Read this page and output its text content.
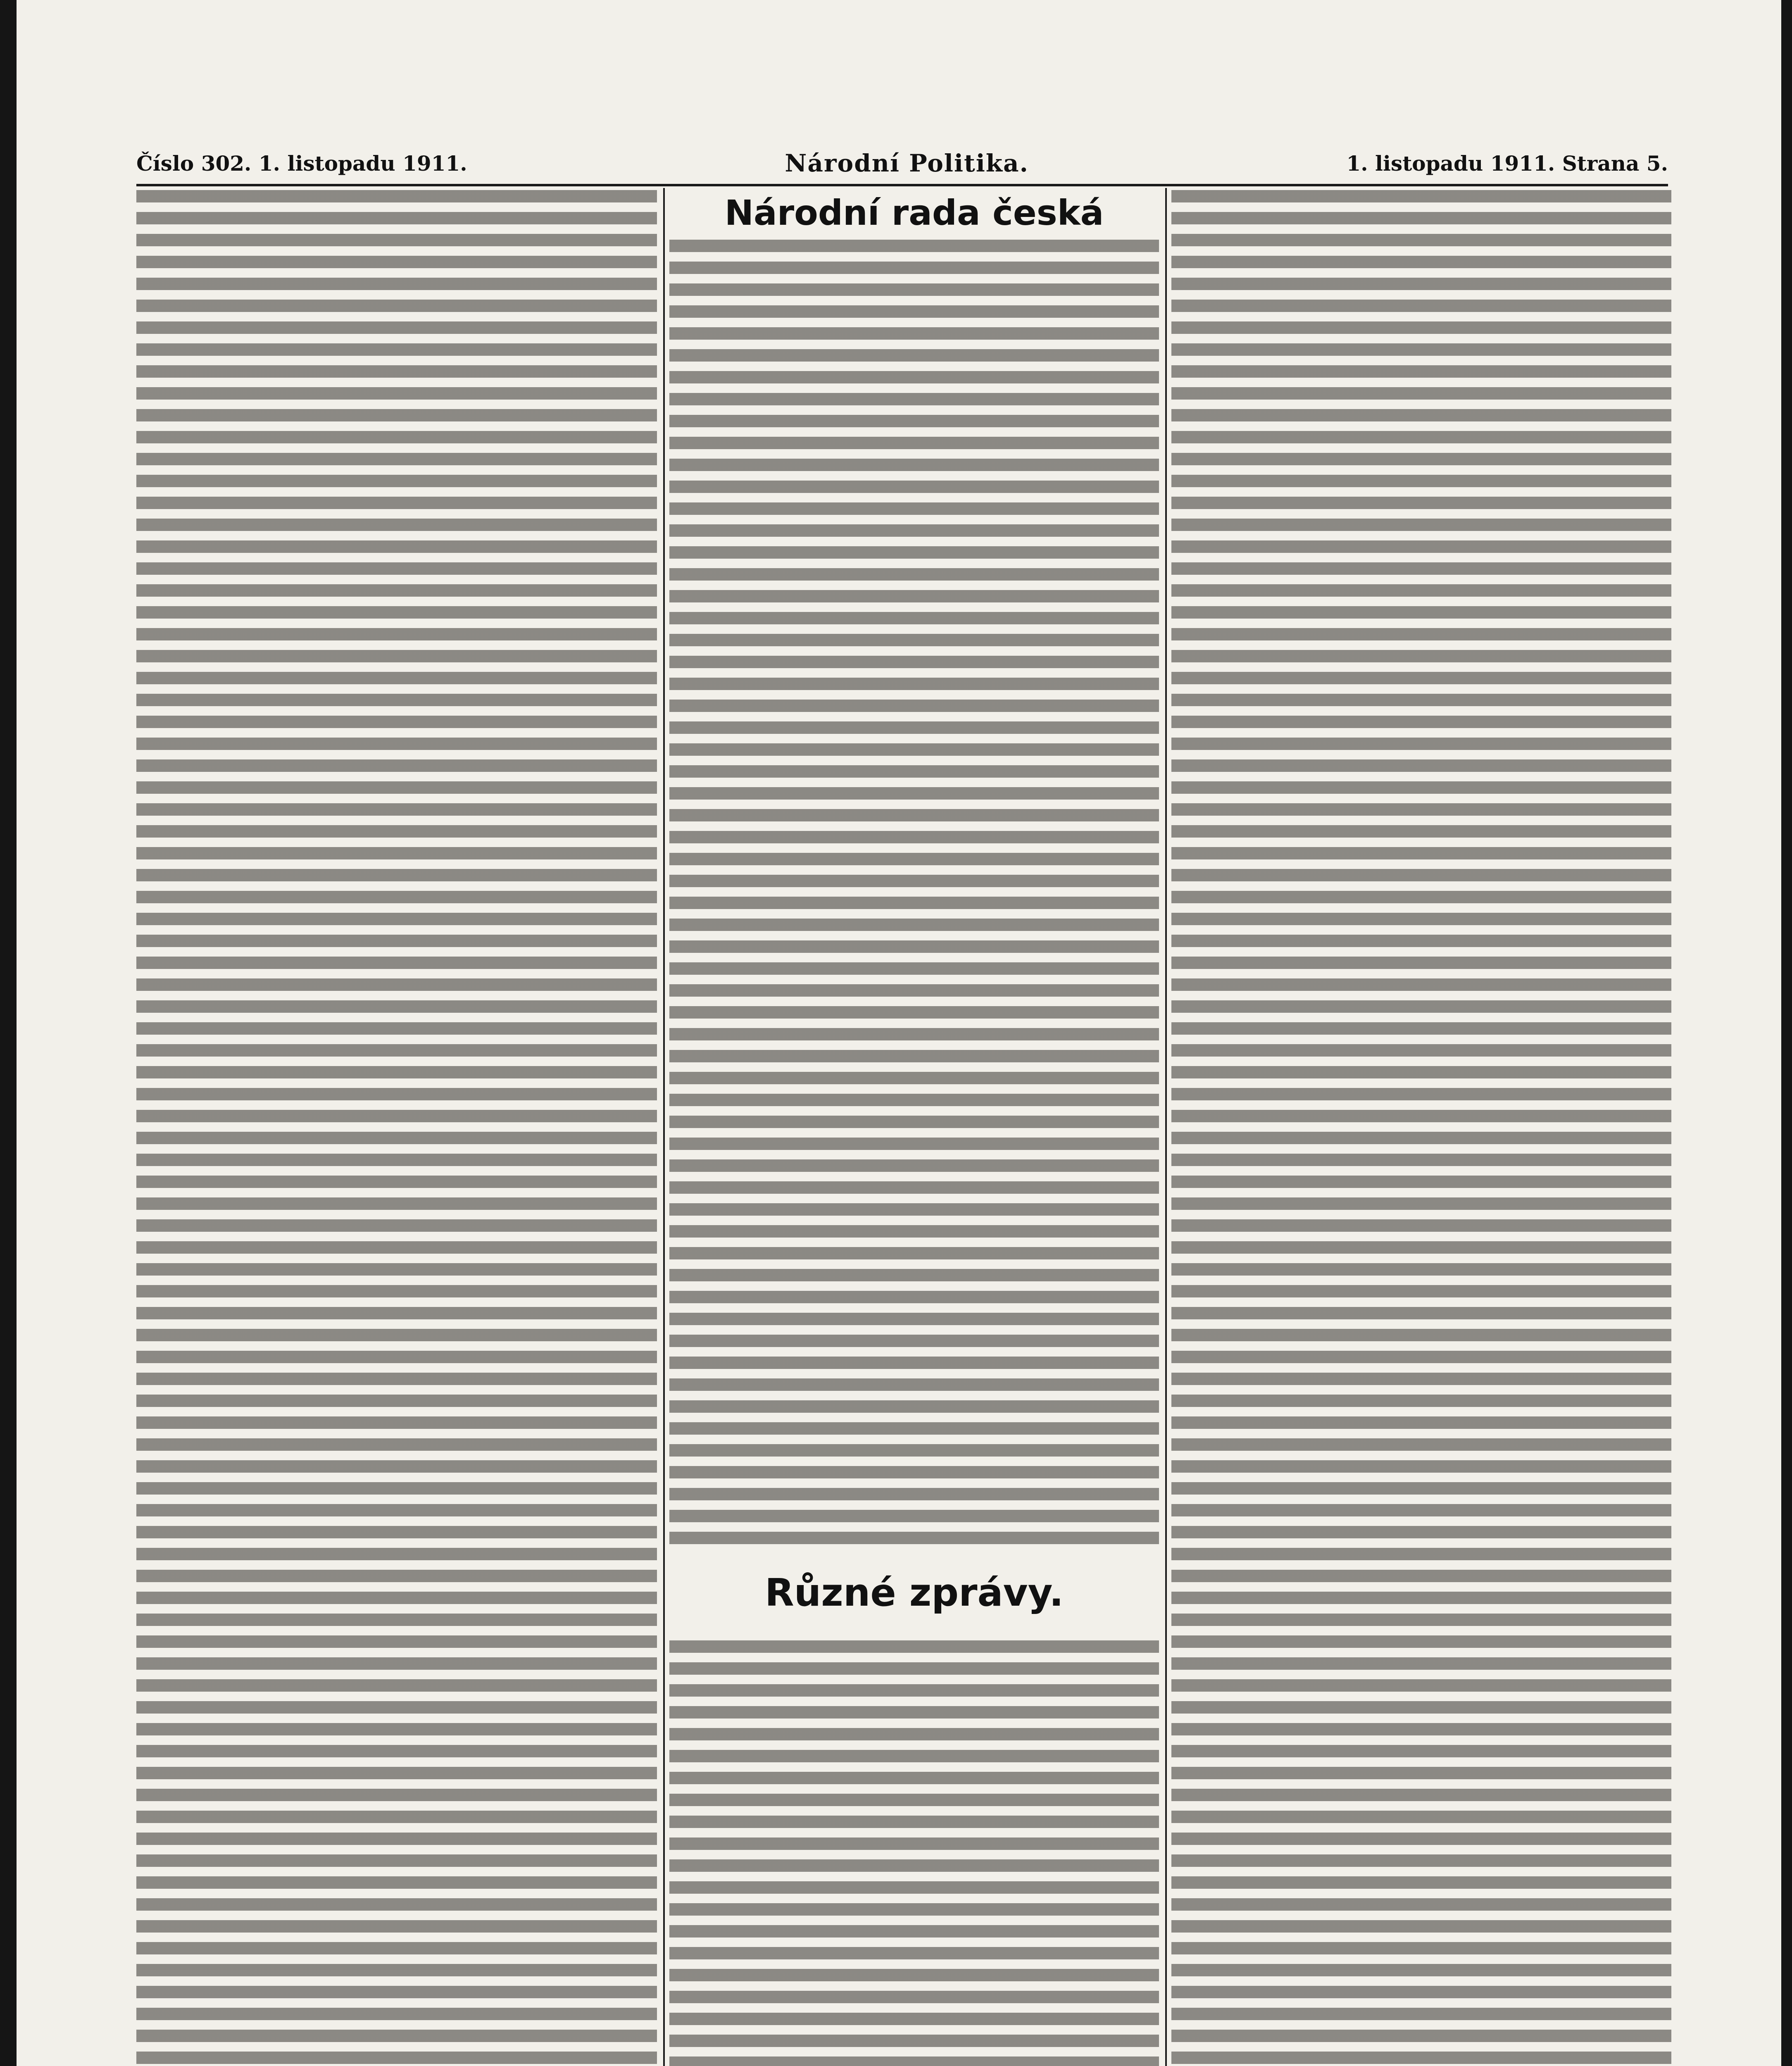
Číslo 302. 1. listopadu 1911.	Národní Politika.	1. listopadu 1911. Strana 5.
Národní rada česká
Různé zprávy.
